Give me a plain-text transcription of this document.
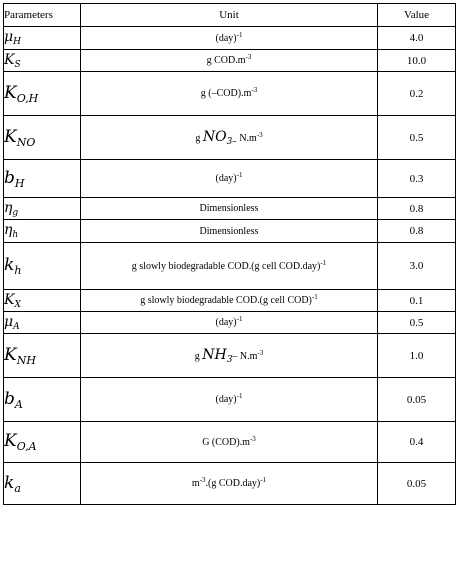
Parameters	Unit	Value
$\mu_H$	(day)$^{-1}$	4.0
$K_S$	g $COD.m^{-3}$	10.0
$K_{O,H}$	g $(-COD).m^{-3}$	0.2
$K_{NO}$	g $NO_{3-}$ $N.m^{-3}$	0.5
$b_H$	(day)$^{-1}$	0.3
$\eta_g$	Dimensionless	0.8
$\eta_h$	Dimensionless	0.8
$k_h$	g slowly biodegradable COD.(g cell COD.day)$^{-1}$	3.0
$K_X$	g slowly biodegradable COD.(g cell COD)$^{-1}$	0.1
$\mu_A$	(day)$^{-1}$	0.5
$K_{NH}$	g $NH_3-$ $N.m^{-3}$	1.0
$b_A$	(day)$^{-1}$	0.05
$K_{O,A}$	G $(COD).m^{-3}$	0.4
$k_a$	$m^{-3}.(g$ COD.day)$^{-1}$	0.05
